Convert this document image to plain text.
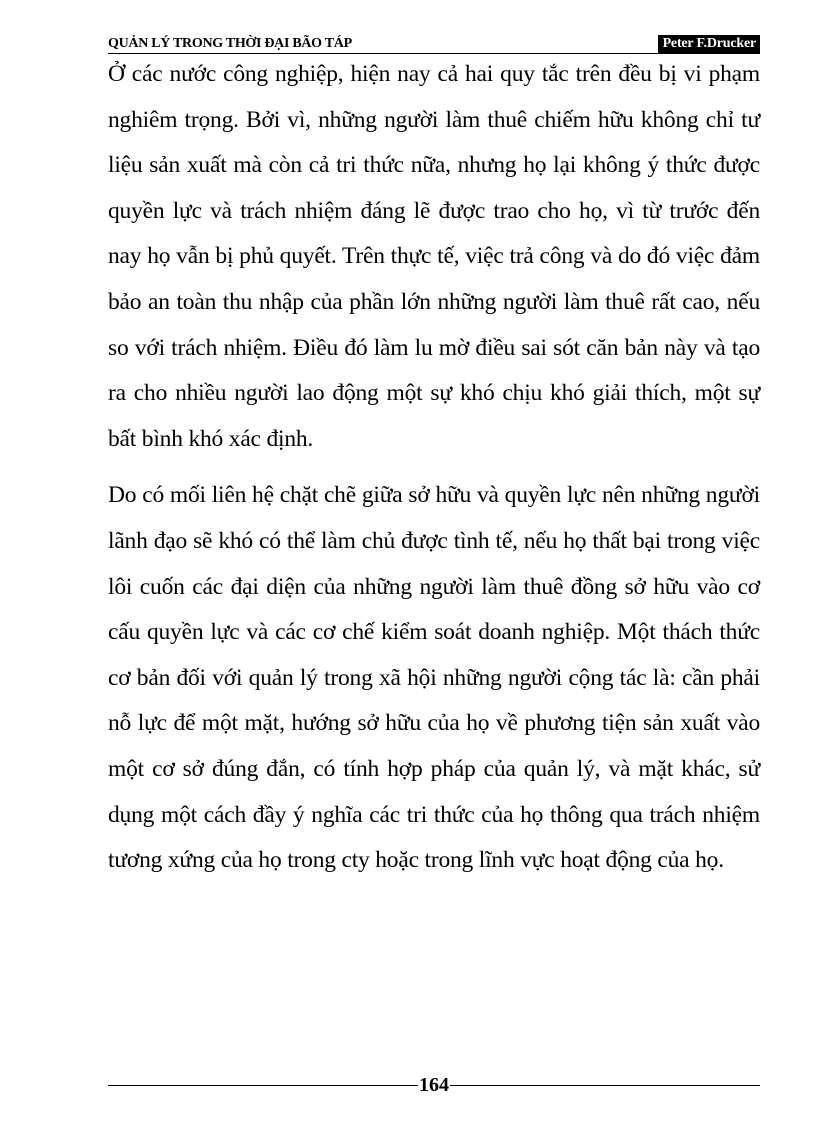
QUẢN LÝ TRONG THỜI ĐẠI BÃO TÁP	Peter F.Drucker

Ở các nước công nghiệp, hiện nay cả hai quy tắc trên đều bị vi phạm nghiêm trọng. Bởi vì, những người làm thuê chiếm hữu không chỉ tư liệu sản xuất mà còn cả tri thức nữa, nhưng họ lại không ý thức được quyền lực và trách nhiệm đáng lẽ được trao cho họ, vì từ trước đến nay họ vẫn bị phủ quyết. Trên thực tế, việc trả công và do đó việc đảm bảo an toàn thu nhập của phần lớn những người làm thuê rất cao, nếu so với trách nhiệm. Điều đó làm lu mờ điều sai sót căn bản này và tạo ra cho nhiều người lao động một sự khó chịu khó giải thích, một sự bất bình khó xác định.

Do có mối liên hệ chặt chẽ giữa sở hữu và quyền lực nên những người lãnh đạo sẽ khó có thể làm chủ được tình tế, nếu họ thất bại trong việc lôi cuốn các đại diện của những người làm thuê đồng sở hữu vào cơ cấu quyền lực và các cơ chế kiểm soát doanh nghiệp. Một thách thức cơ bản đối với quản lý trong xã hội những người cộng tác là: cần phải nỗ lực để một mặt, hướng sở hữu của họ về phương tiện sản xuất vào một cơ sở đúng đắn, có tính hợp pháp của quản lý, và mặt khác, sử dụng một cách đầy ý nghĩa các tri thức của họ thông qua trách nhiệm tương xứng của họ trong cty hoặc trong lĩnh vực hoạt động của họ.

164
